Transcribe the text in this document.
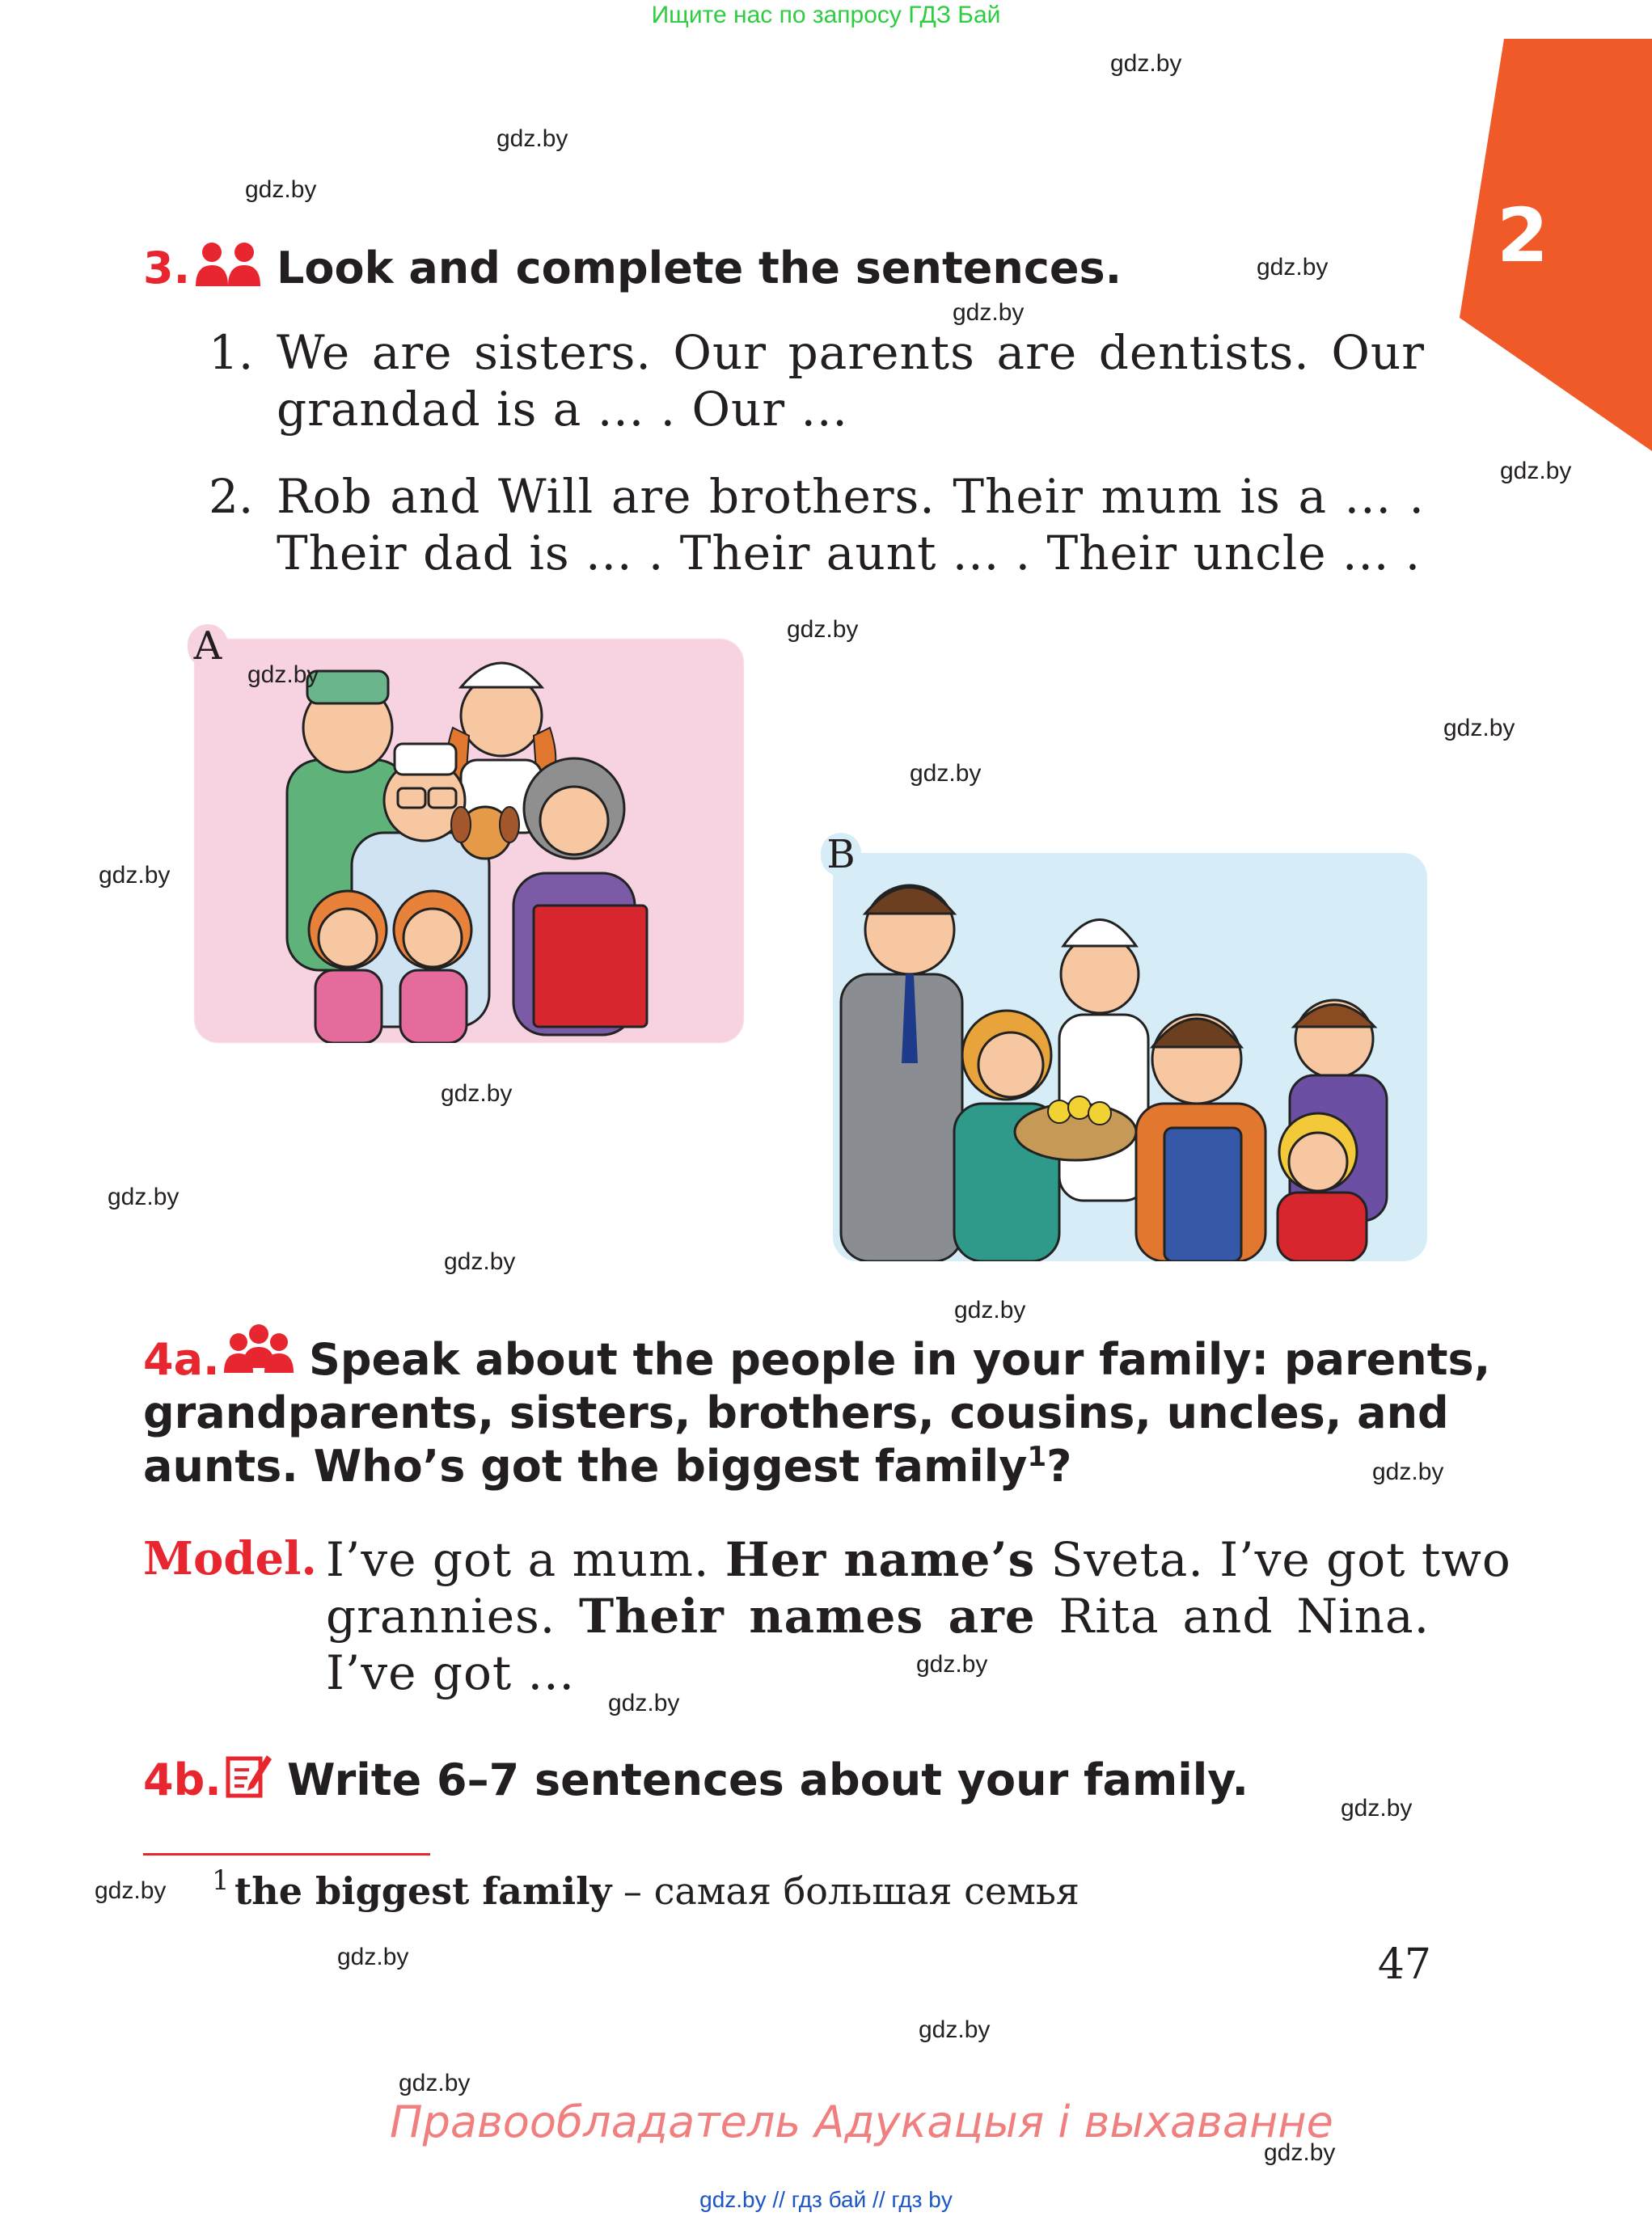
Ищите нас по запросу ГДЗ Бай
2
3. Look and complete the sentences.
1. We are sisters. Our parents are dentists. Our
grandad is a ... . Our ...
2. Rob and Will are brothers. Their mum is a ... .
Their dad is ... . Their aunt ... . Their uncle ... .
A
B
4a. Speak about the people in your family: parents,
grandparents, sisters, brothers, cousins, uncles, and
aunts. Who’s got the biggest family$^1$?
Model. I’ve got a mum. Her name’s Sveta. I’ve got two
grannies. Their names are Rita and Nina.
I’ve got ...
4b. Write 6–7 sentences about your family.
1 the biggest family – самая большая семья
47
Правообладатель Адукацыя і выхаванне
gdz.by // гдз бай // гдз by
gdz.by
gdz.by
gdz.by
gdz.by
gdz.by
gdz.by
gdz.by
gdz.by
gdz.by
gdz.by
gdz.by
gdz.by
gdz.by
gdz.by
gdz.by
gdz.by
gdz.by
gdz.by
gdz.by
gdz.by
gdz.by
gdz.by
gdz.by
gdz.by
